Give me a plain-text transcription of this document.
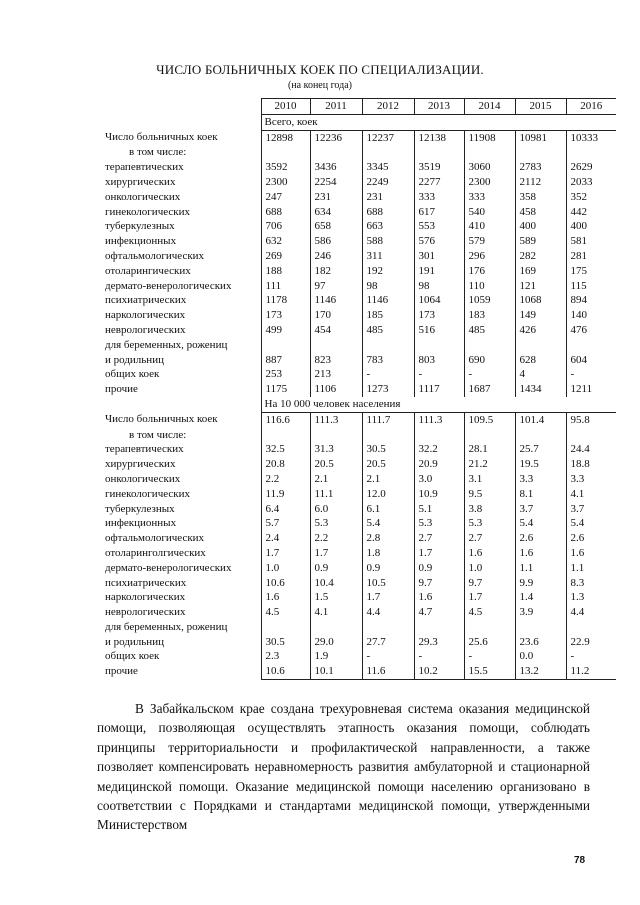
ЧИСЛО БОЛЬНИЧНЫХ КОЕК ПО СПЕЦИАЛИЗАЦИИ.
(на конец года)
	2010	2011	2012	2013	2014	2015	2016
	Всего, коек						
Число больничных коек	12898	12236	12237	12138	11908	10981	10333
в том числе:							
терапевтических	3592	3436	3345	3519	3060	2783	2629
хирургических	2300	2254	2249	2277	2300	2112	2033
онкологических	247	231	231	333	333	358	352
гинекологических	688	634	688	617	540	458	442
туберкулезных	706	658	663	553	410	400	400
инфекционных	632	586	588	576	579	589	581
офтальмологических	269	246	311	301	296	282	281
отоларингических	188	182	192	191	176	169	175
дермато-венерологических	111	97	98	98	110	121	115
психиатрических	1178	1146	1146	1064	1059	1068	894
наркологических	173	170	185	173	183	149	140
неврологических	499	454	485	516	485	426	476
для беременных, рожениц							
и родильниц	887	823	783	803	690	628	604
общих коек	253	213	-	-	-	4	-
прочие	1175	1106	1273	1117	1687	1434	1211
	На 10 000 человек населения						
Число больничных коек	116.6	111.3	111.7	111.3	109.5	101.4	95.8
в том числе:							
терапевтических	32.5	31.3	30.5	32.2	28.1	25.7	24.4
хирургических	20.8	20.5	20.5	20.9	21.2	19.5	18.8
онкологических	2.2	2.1	2.1	3.0	3.1	3.3	3.3
гинекологических	11.9	11.1	12.0	10.9	9.5	8.1	4.1
туберкулезных	6.4	6.0	6.1	5.1	3.8	3.7	3.7
инфекционных	5.7	5.3	5.4	5.3	5.3	5.4	5.4
офтальмологических	2.4	2.2	2.8	2.7	2.7	2.6	2.6
отоларинголгических	1.7	1.7	1.8	1.7	1.6	1.6	1.6
дермато-венерологических	1.0	0.9	0.9	0.9	1.0	1.1	1.1
психиатрических	10.6	10.4	10.5	9.7	9.7	9.9	8.3
наркологических	1.6	1.5	1.7	1.6	1.7	1.4	1.3
неврологических	4.5	4.1	4.4	4.7	4.5	3.9	4.4
для беременных, рожениц							
и родильниц	30.5	29.0	27.7	29.3	25.6	23.6	22.9
общих коек	2.3	1.9	-	-	-	0.0	-
прочие	10.6	10.1	11.6	10.2	15.5	13.2	11.2

В Забайкальском крае создана трехуровневая система оказания медицинской помощи, позволяющая осуществлять этапность оказания помощи, соблюдать принципы территориальности и профилактической направленности, а также позволяет компенсировать неравномерность развития амбулаторной и стационарной медицинской помощи. Оказание медицинской помощи населению организовано в соответствии с Порядками и стандартами медицинской помощи, утвержденными Министерством

78
